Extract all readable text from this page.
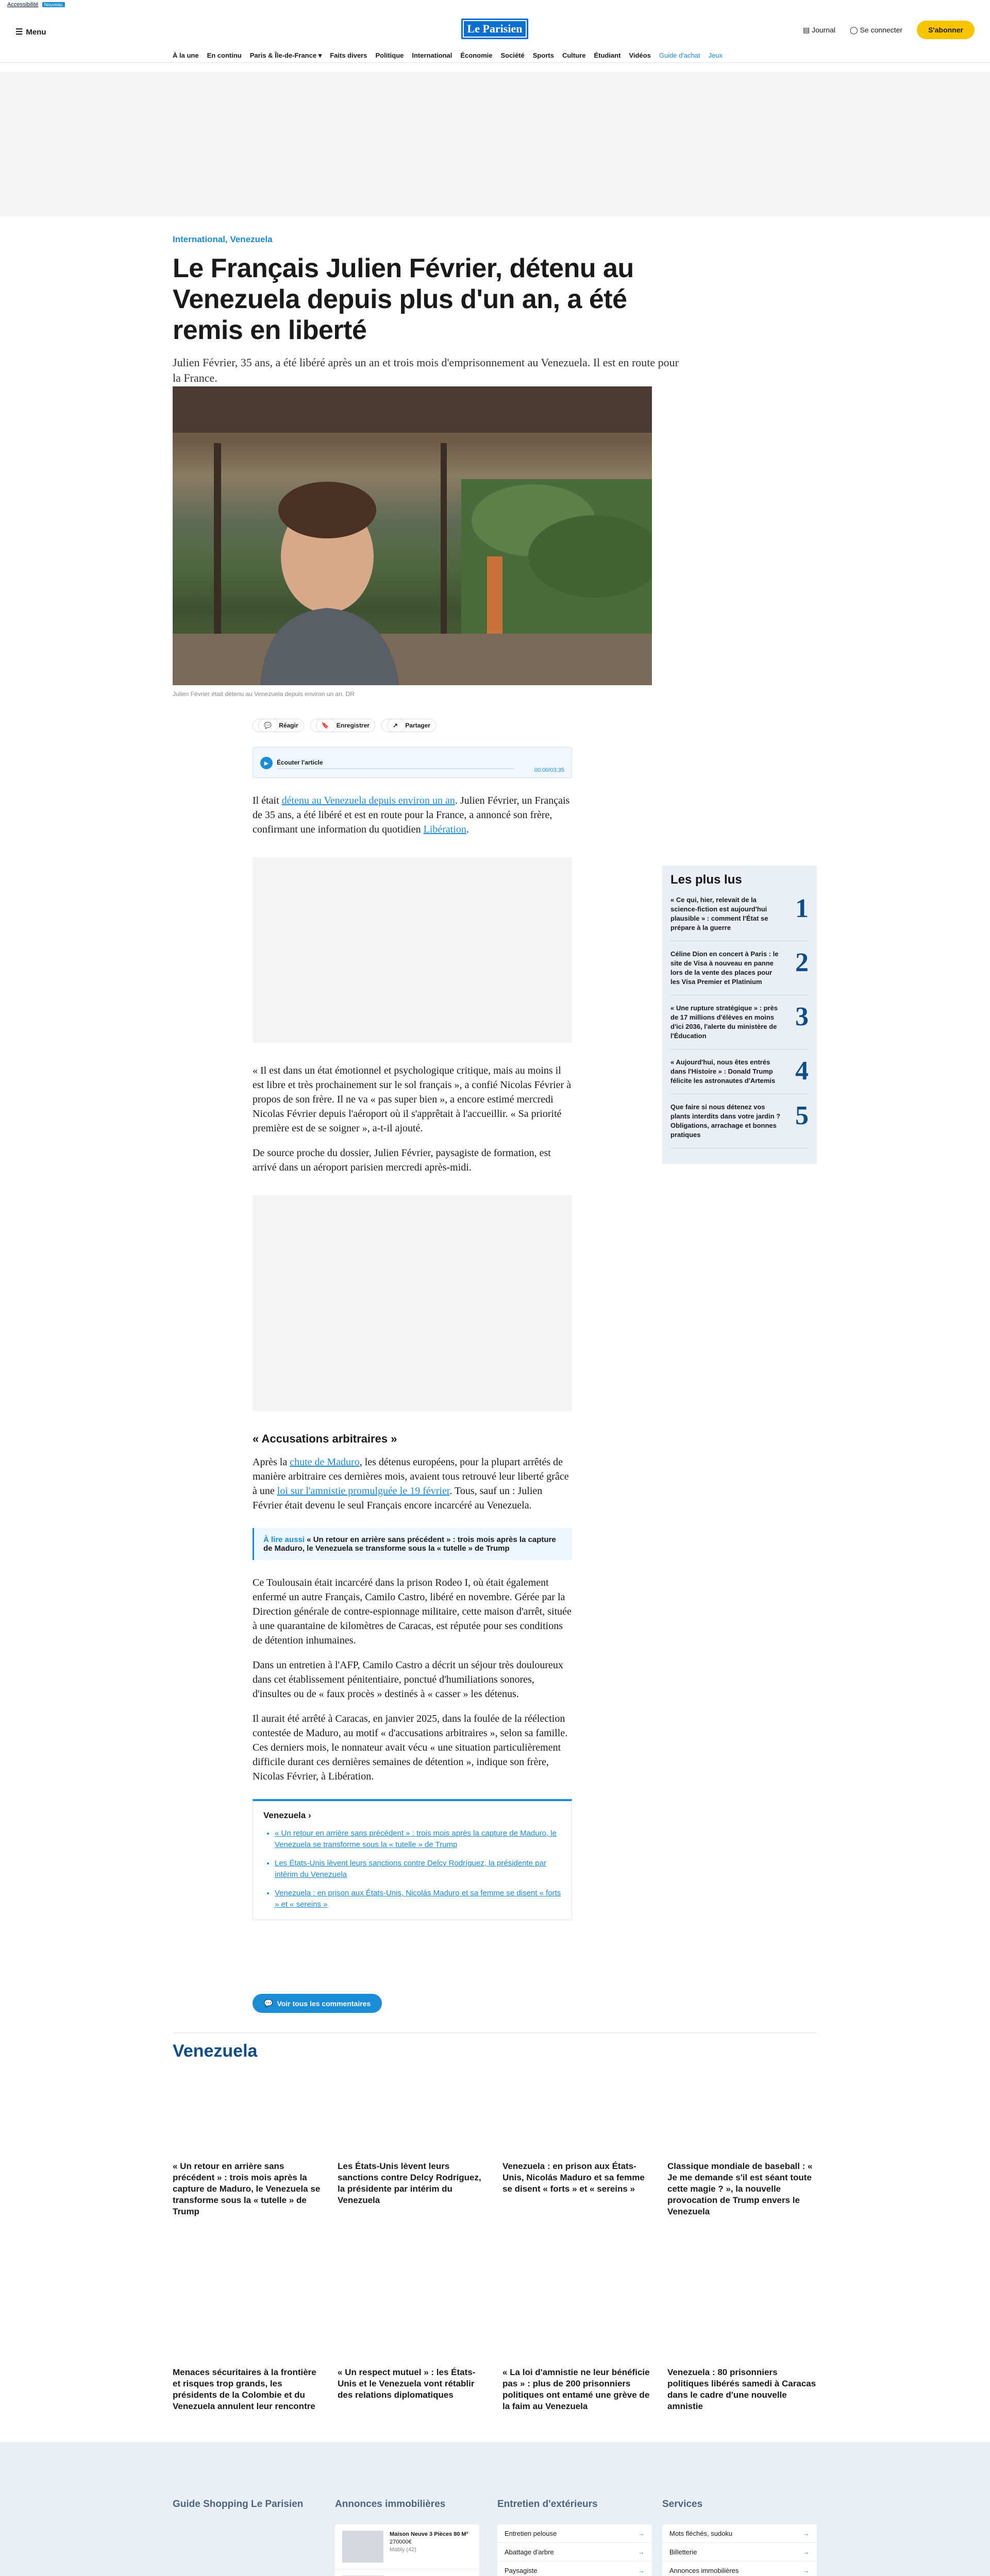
Accessibilité Nouveau
☰ Menu	Le Parisien	▤ Journal ◯ Se connecter	S'abonner
À la une En continu Paris & Île-de-France ▾ Faits divers Politique International Économie Société Sports Culture Étudiant Vidéos Guide d'achat Jeux
International, Venezuela
Le Français Julien Février, détenu au Venezuela depuis plus d'un an, a été remis en liberté

Julien Février, 35 ans, a été libéré après un an et trois mois d'emprisonnement au Venezuela. Il est en route pour la France.

Julien Février était détenu au Venezuela depuis environ un an. DR

💬 Réagir	🔖 Enregistrer	↗ Partager
▶	Écouter l'article
00:00/03:35

Il était détenu au Venezuela depuis environ un an. Julien Février, un Français de 35 ans, a été libéré et est en route pour la France, a annoncé son frère, confirmant une information du quotidien Libération.

« Il est dans un état émotionnel et psychologique critique, mais au moins il est libre et très prochainement sur le sol français », a confié Nicolas Février à propos de son frère. Il ne va « pas super bien », a encore estimé mercredi Nicolas Février depuis l'aéroport où il s'apprêtait à l'accueillir. « Sa priorité première est de se soigner », a-t-il ajouté.

De source proche du dossier, Julien Février, paysagiste de formation, est arrivé dans un aéroport parisien mercredi après-midi.

« Accusations arbitraires »

Après la chute de Maduro, les détenus européens, pour la plupart arrêtés de manière arbitraire ces dernières mois, avaient tous retrouvé leur liberté grâce à une loi sur l'amnistie promulguée le 19 février. Tous, sauf un : Julien Février était devenu le seul Français encore incarcéré au Venezuela.

À lire aussi « Un retour en arrière sans précédent » : trois mois après la capture de Maduro, le Venezuela se transforme sous la « tutelle » de Trump

Ce Toulousain était incarcéré dans la prison Rodeo I, où était également enfermé un autre Français, Camilo Castro, libéré en novembre. Gérée par la Direction générale de contre-espionnage militaire, cette maison d'arrêt, située à une quarantaine de kilomètres de Caracas, est réputée pour ses conditions de détention inhumaines.

Dans un entretien à l'AFP, Camilo Castro a décrit un séjour très douloureux dans cet établissement pénitentiaire, ponctué d'humiliations sonores, d'insultes ou de « faux procès » destinés à « casser » les détenus.

Il aurait été arrêté à Caracas, en janvier 2025, dans la foulée de la réélection contestée de Maduro, au motif « d'accusations arbitraires », selon sa famille. Ces derniers mois, le nonnateur avait vécu « une situation particulièrement difficile durant ces dernières semaines de détention », indique son frère, Nicolas Février, à Libération.

Venezuela ›
• « Un retour en arrière sans précédent » : trois mois après la capture de Maduro, le Venezuela se transforme sous la « tutelle » de Trump
• Les États-Unis lèvent leurs sanctions contre Delcy Rodríguez, la présidente par intérim du Venezuela
• Venezuela : en prison aux États-Unis, Nicolás Maduro et sa femme se disent « forts » et « sereins »
💬 Voir tous les commentaires
Les plus lus
« Ce qui, hier, relevait de la science-fiction est aujourd'hui plausible » : comment l'État se prépare à la guerre
1
Céline Dion en concert à Paris : le site de Visa à nouveau en panne lors de la vente des places pour les Visa Premier et Platinium
2
« Une rupture stratégique » : près de 17 millions d'élèves en moins d'ici 2036, l'alerte du ministère de l'Éducation
3
« Aujourd'hui, nous êtes entrés dans l'Histoire » : Donald Trump félicite les astronautes d'Artemis 4
Que faire si nous détenez vos plants interdits dans votre jardin ? Obligations, arrachage et bonnes pratiques
5
Venezuela
« Un retour en arrière sans précédent » : trois mois après la capture de Maduro, le Venezuela se transforme sous la « tutelle » de Trump
Les États-Unis lèvent leurs sanctions contre Delcy Rodríguez, la présidente par intérim du Venezuela
Venezuela : en prison aux États-Unis, Nicolás Maduro et sa femme se disent « forts » et « sereins »
Classique mondiale de baseball : « Je me demande s'il est séant toute cette magie ? », la nouvelle provocation de Trump envers le Venezuela
Menaces sécuritaires à la frontière et risques trop grands, les présidents de la Colombie et du Venezuela annulent leur rencontre
« Un respect mutuel » : les États-Unis et le Venezuela vont rétablir des relations diplomatiques
« La loi d'amnistie ne leur bénéficie pas » : plus de 200 prisonniers politiques ont entamé une grève de la faim au Venezuela
Venezuela : 80 prisonniers politiques libérés samedi à Caracas dans le cadre d'une nouvelle amnistie
Guide Shopping Le Parisien	Annonces immobilières
Maison Neuve 3 Pièces 80 M²
270000€
Mably (42)
Entretien d'extérieurs
Entretien pelouse	→
Abattage d'arbre	→
Paysagiste	→
Services
Mots fléchés, sudoku	→
Billetterie	→
Annonces immobilières	→
